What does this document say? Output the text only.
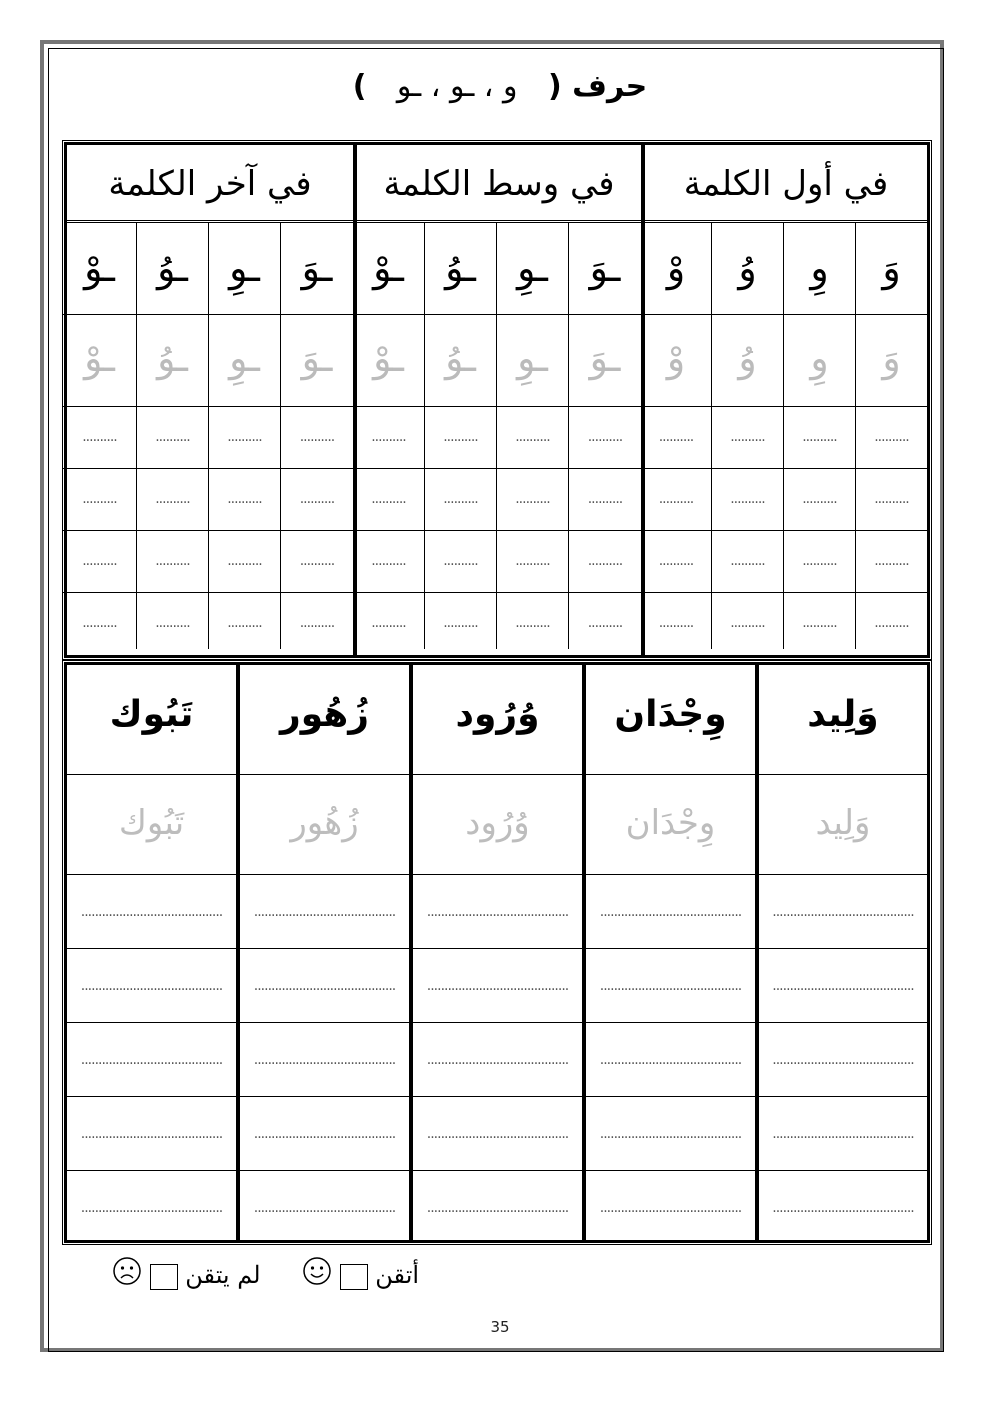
حرف ( و ، ـو ، ـو )
في أول الكلمة
وَ
وِ
وُ
وْ
وَ
وِ
وُ
وْ
..........
..........
..........
..........
..........
..........
..........
..........
..........
..........
..........
..........
..........
..........
..........
..........
في وسط الكلمة
ـوَ
ـوِ
ـوُ
ـوْ
ـوَ
ـوِ
ـوُ
ـوْ
..........
..........
..........
..........
..........
..........
..........
..........
..........
..........
..........
..........
..........
..........
..........
..........
في آخر الكلمة
ـوَ
ـوِ
ـوُ
ـوْ
ـوَ
ـوِ
ـوُ
ـوْ
..........
..........
..........
..........
..........
..........
..........
..........
..........
..........
..........
..........
..........
..........
..........
..........
وَلِيد
وَلِيد
.........................................
.........................................
.........................................
.........................................
.........................................
وِجْدَان
وِجْدَان
.........................................
.........................................
.........................................
.........................................
.........................................
وُرُود
وُرُود
.........................................
.........................................
.........................................
.........................................
.........................................
زُهُور
زُهُور
.........................................
.........................................
.........................................
.........................................
.........................................
تَبُوك
تَبُوك
.........................................
.........................................
.........................................
.........................................
.........................................
أتقن
لم يتقن
35
